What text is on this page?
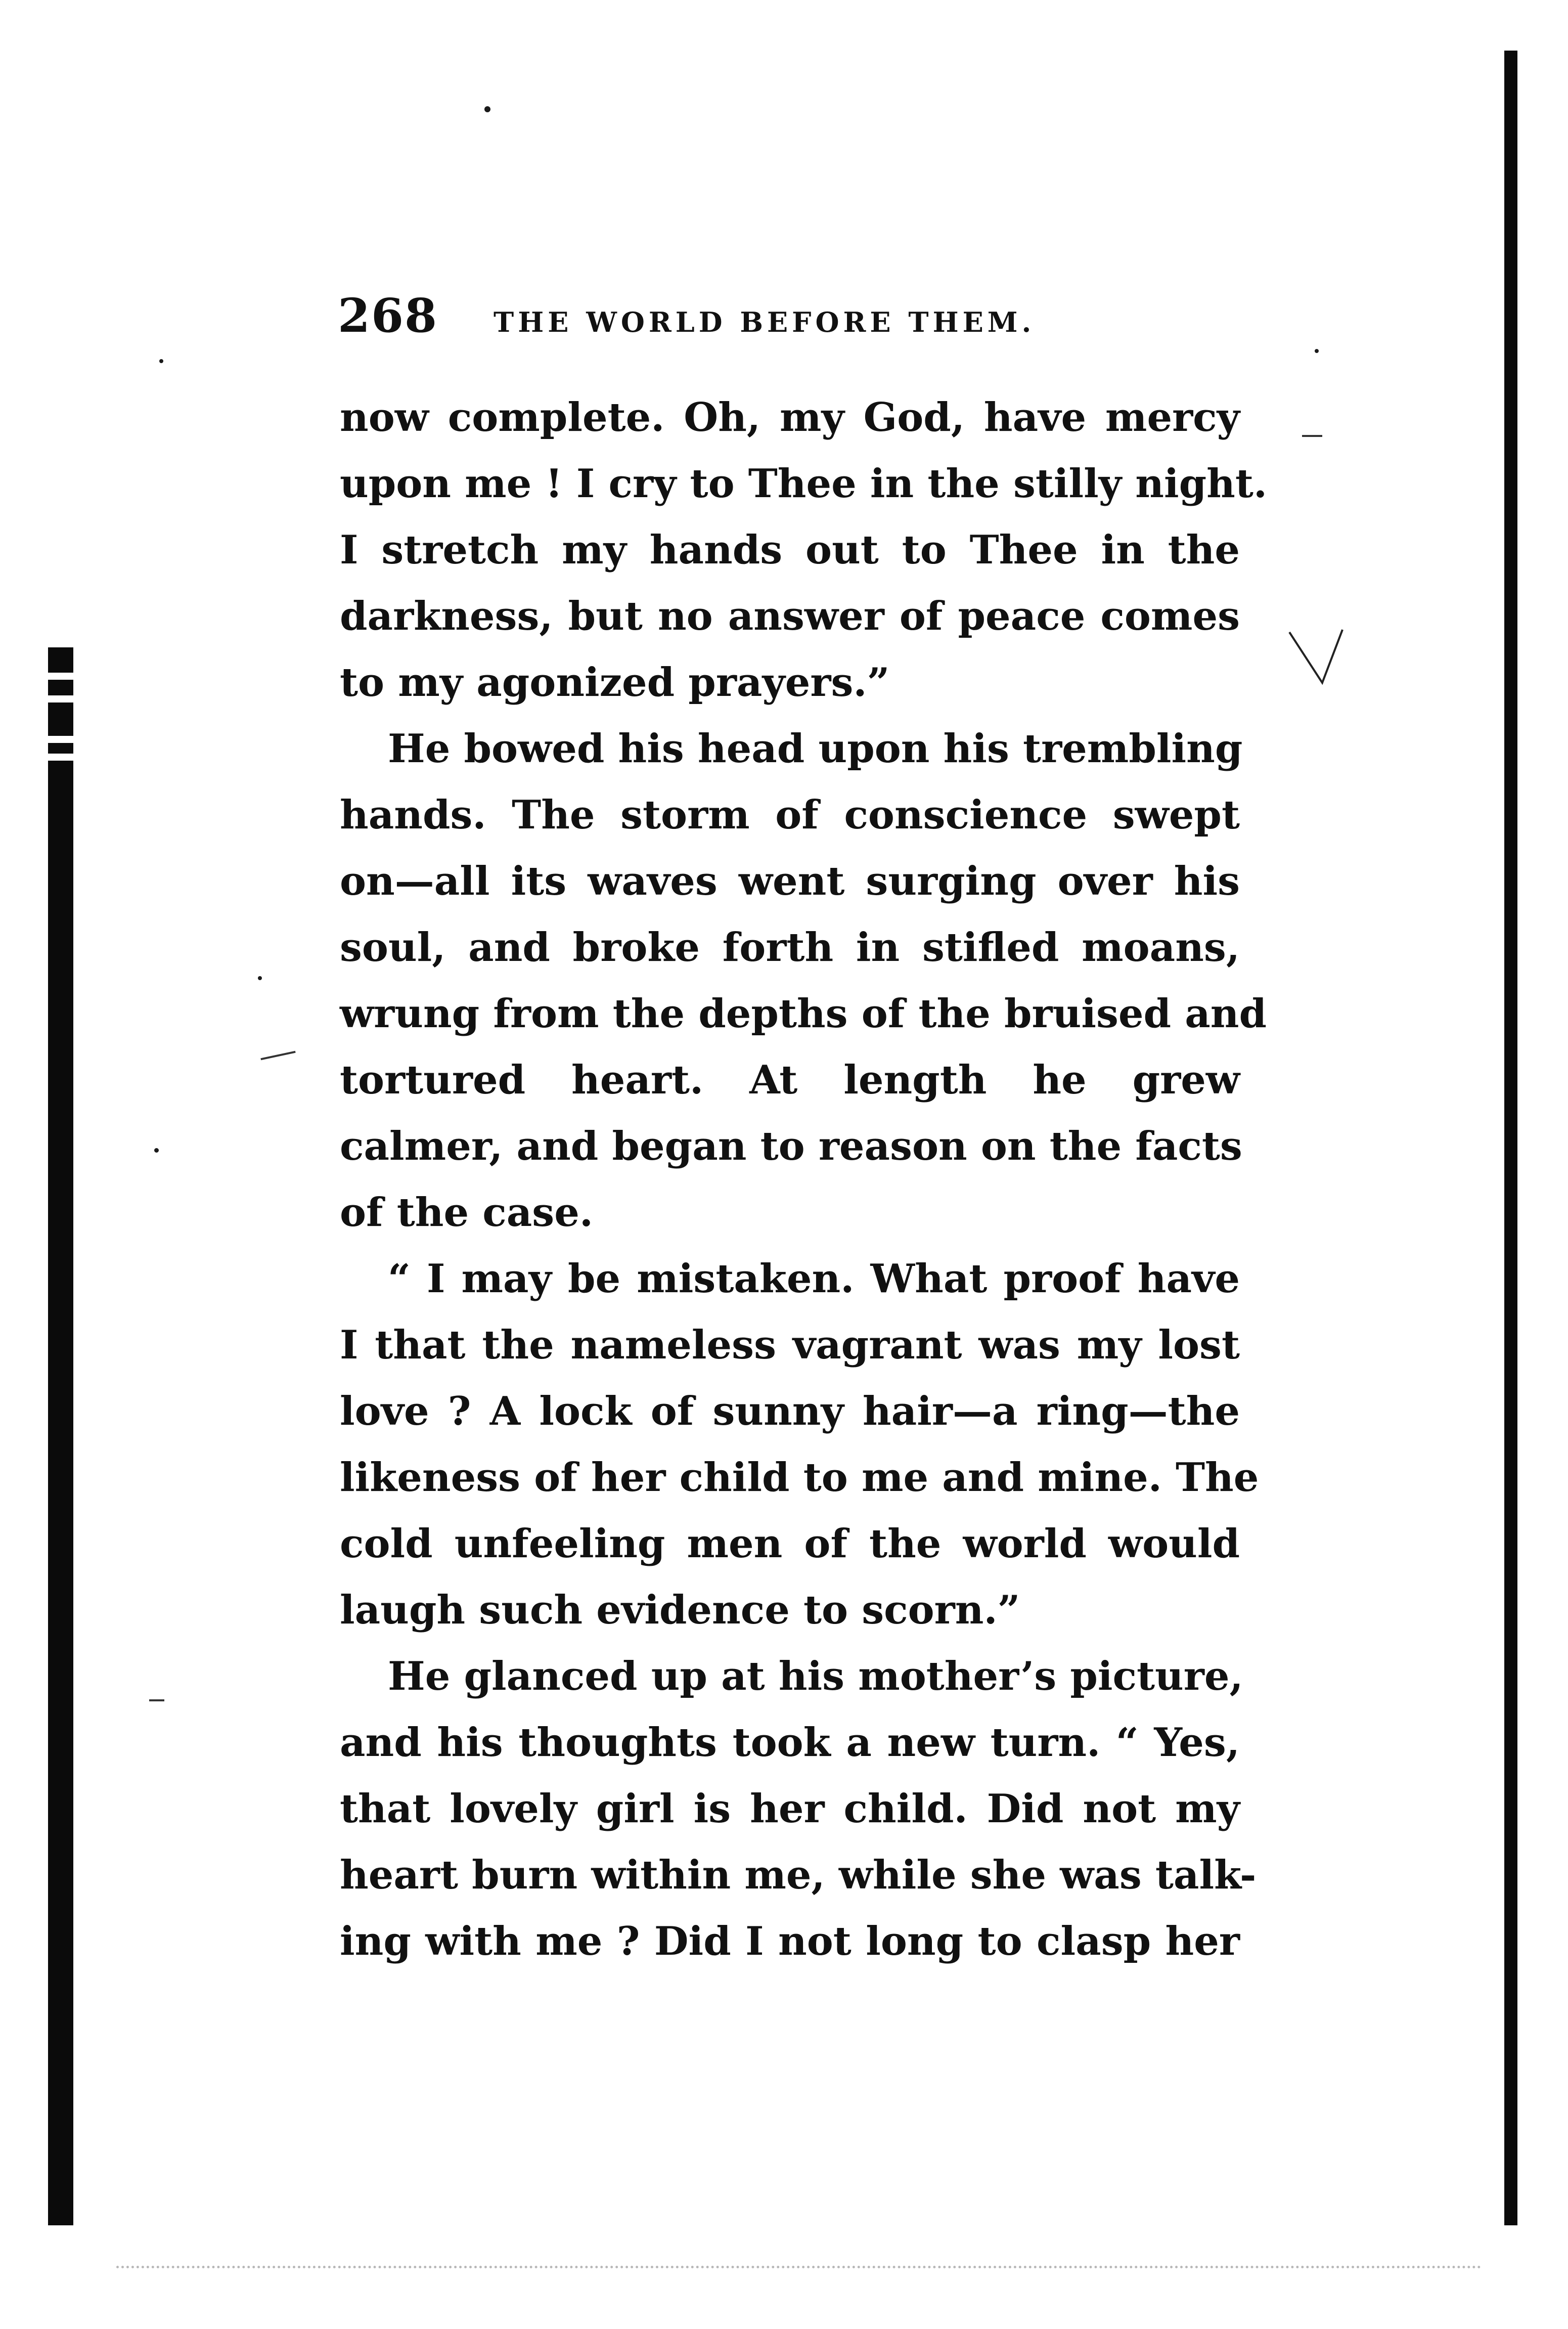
268 THE WORLD BEFORE THEM.
now complete. Oh, my God, have mercy
upon me ! I cry to Thee in the stilly night.
I stretch my hands out to Thee in the
darkness, but no answer of peace comes
to my agonized prayers.”
He bowed his head upon his trembling
hands. The storm of conscience swept
on—all its waves went surging over his
soul, and broke forth in stifled moans,
wrung from the depths of the bruised and
tortured heart. At length he grew
calmer, and began to reason on the facts
of the case.
“ I may be mistaken. What proof have
I that the nameless vagrant was my lost
love ? A lock of sunny hair—a ring—the
likeness of her child to me and mine. The
cold unfeeling men of the world would
laugh such evidence to scorn.”
He glanced up at his mother’s picture,
and his thoughts took a new turn. “ Yes,
that lovely girl is her child. Did not my
heart burn within me, while she was talk-
ing with me ? Did I not long to clasp her
